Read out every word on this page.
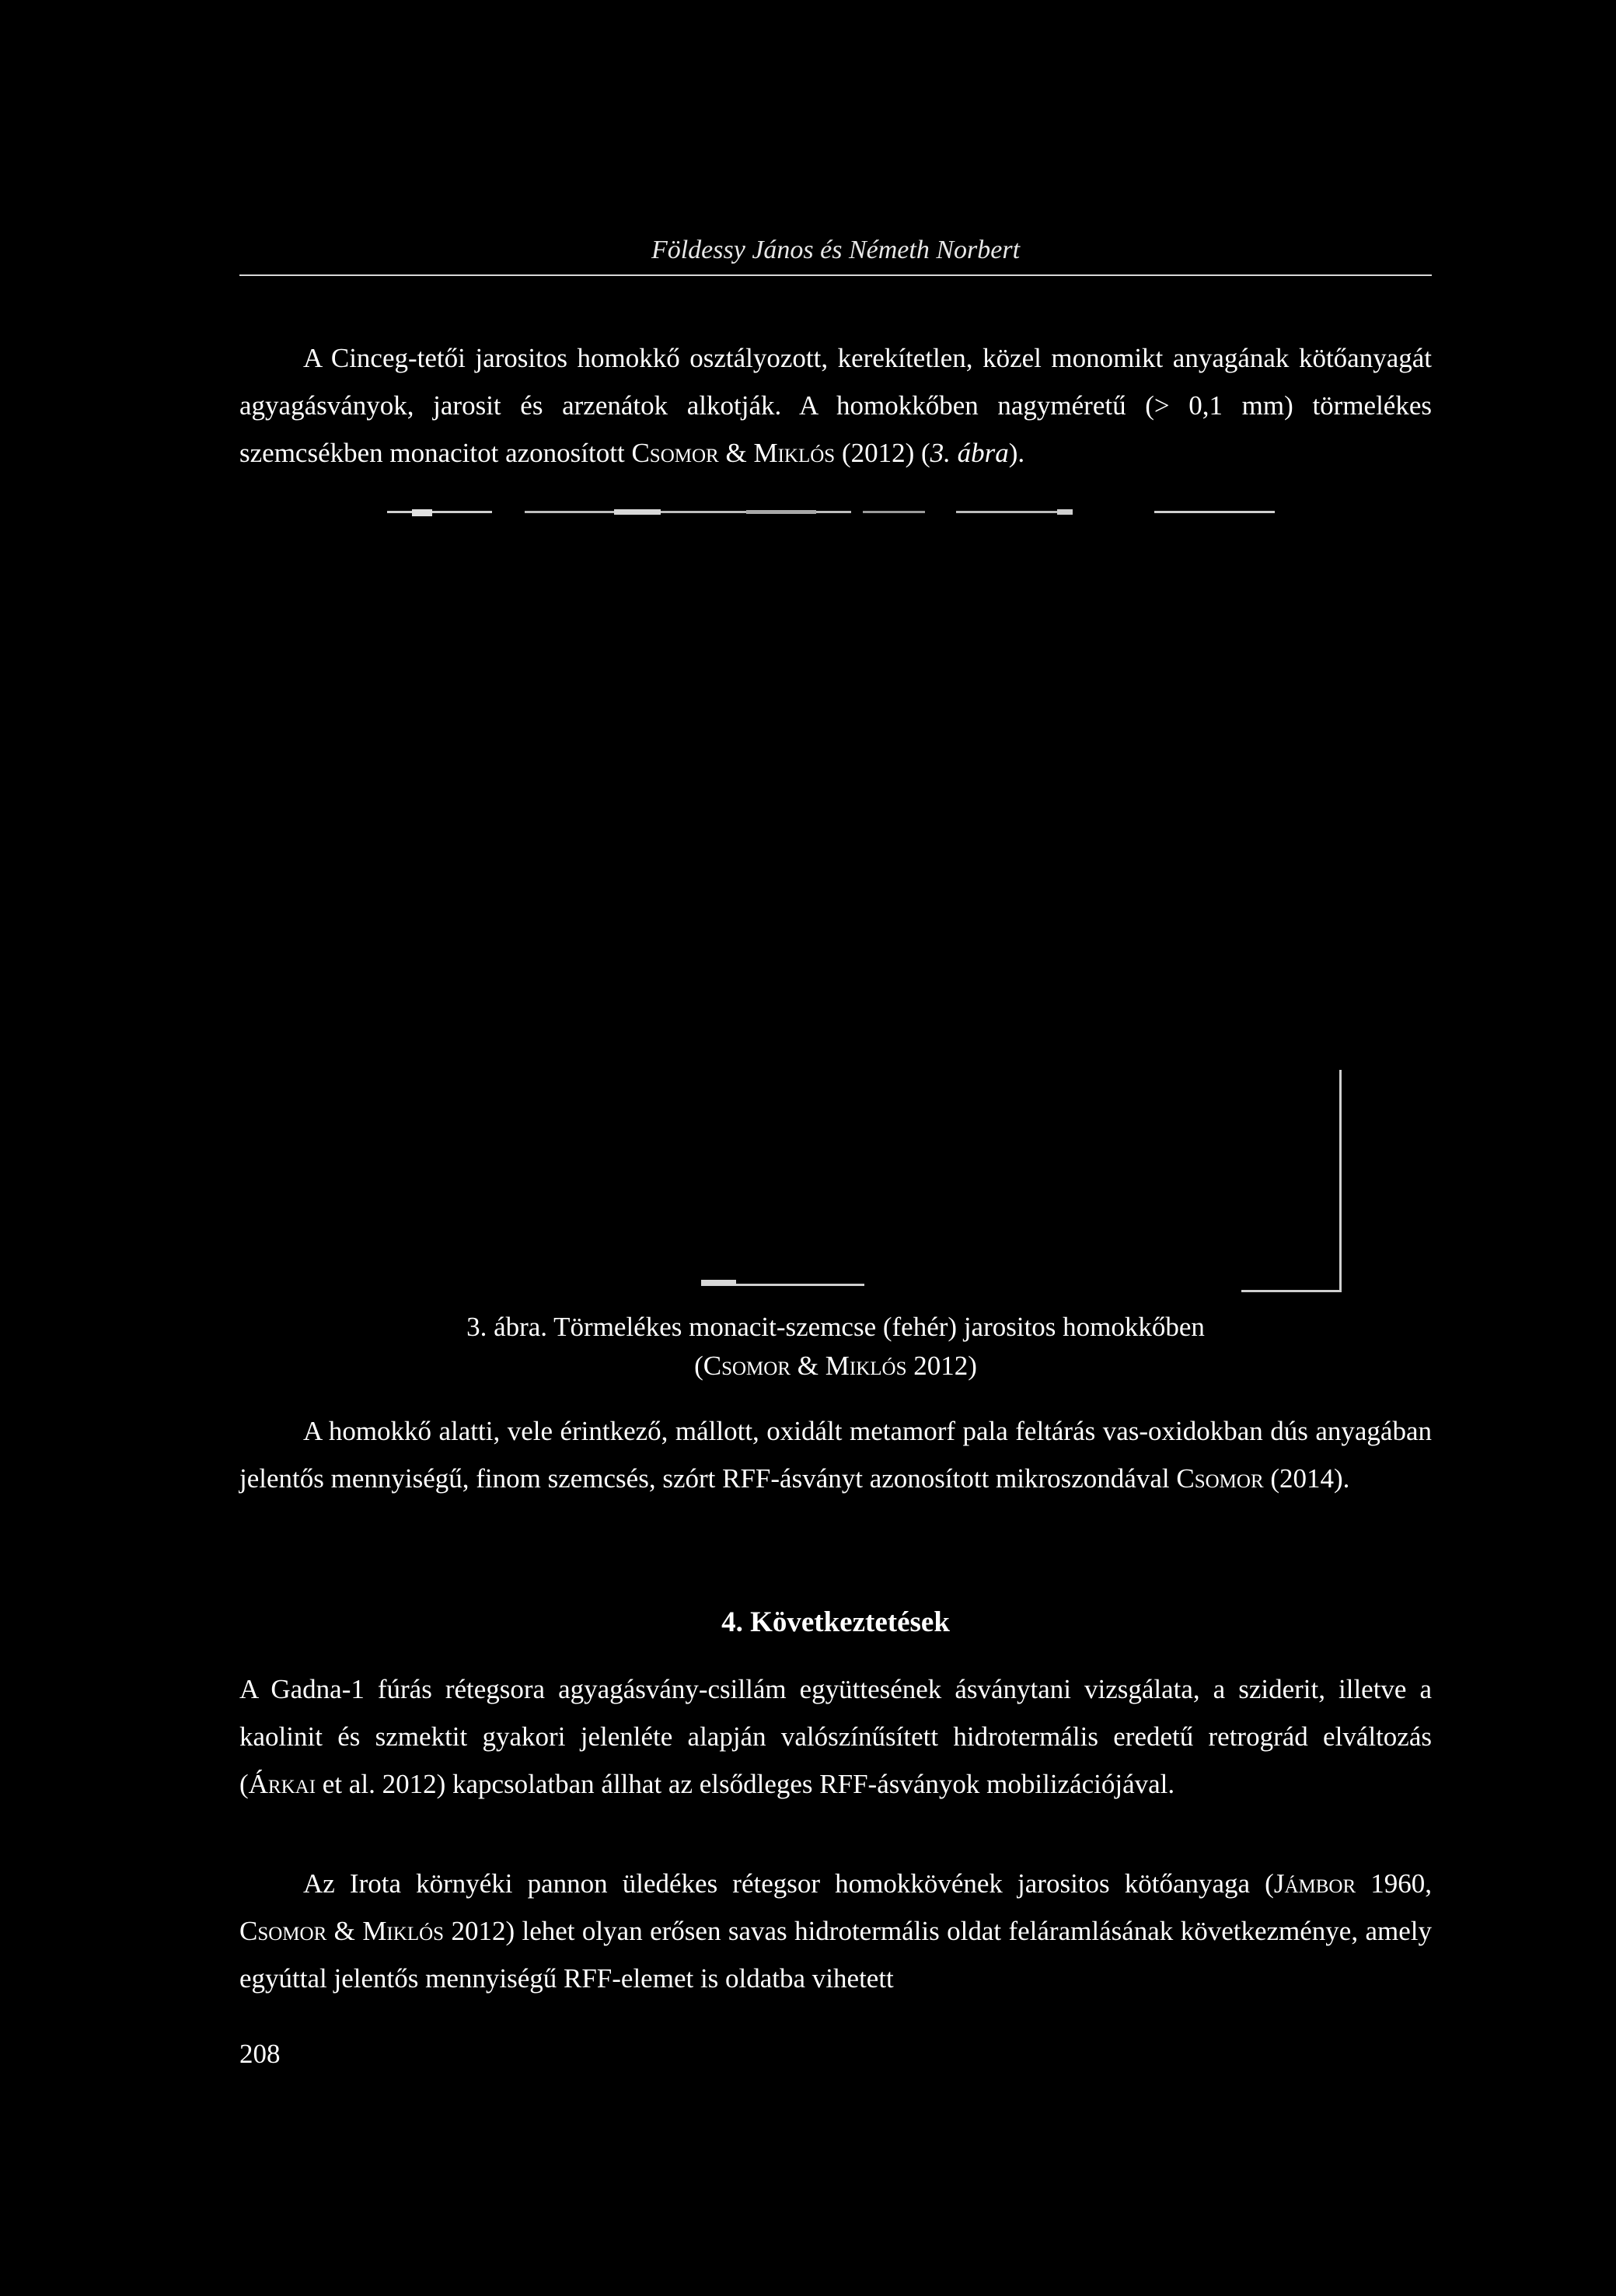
Földessy János és Németh Norbert

A Cinceg-tetői jarositos homokkő osztályozott, kerekítetlen, közel monomikt anyagának kötőanyagát agyagásványok, jarosit és arzenátok alkotják. A homokkőben nagyméretű (> 0,1 mm) törmelékes szemcsékben monacitot azonosított Csomor & Miklós (2012) (3. ábra).

3. ábra. Törmelékes monacit-szemcse (fehér) jarositos homokkőben
(Csomor & Miklós 2012)

A homokkő alatti, vele érintkező, mállott, oxidált metamorf pala feltárás vas-oxidokban dús anyagában jelentős mennyiségű, finom szemcsés, szórt RFF-ásványt azonosított mikroszondával Csomor (2014).

4. Következtetések

A Gadna-1 fúrás rétegsora agyagásvány-csillám együttesének ásványtani vizsgálata, a sziderit, illetve a kaolinit és szmektit gyakori jelenléte alapján valószínűsített hidrotermális eredetű retrográd elváltozás (Árkai et al. 2012) kapcsolatban állhat az elsődleges RFF-ásványok mobilizációjával.

Az Irota környéki pannon üledékes rétegsor homokkövének jarositos kötőanyaga (Jámbor 1960, Csomor & Miklós 2012) lehet olyan erősen savas hidrotermális oldat feláramlásának következménye, amely egyúttal jelentős mennyiségű RFF-elemet is oldatba vihetett

208
